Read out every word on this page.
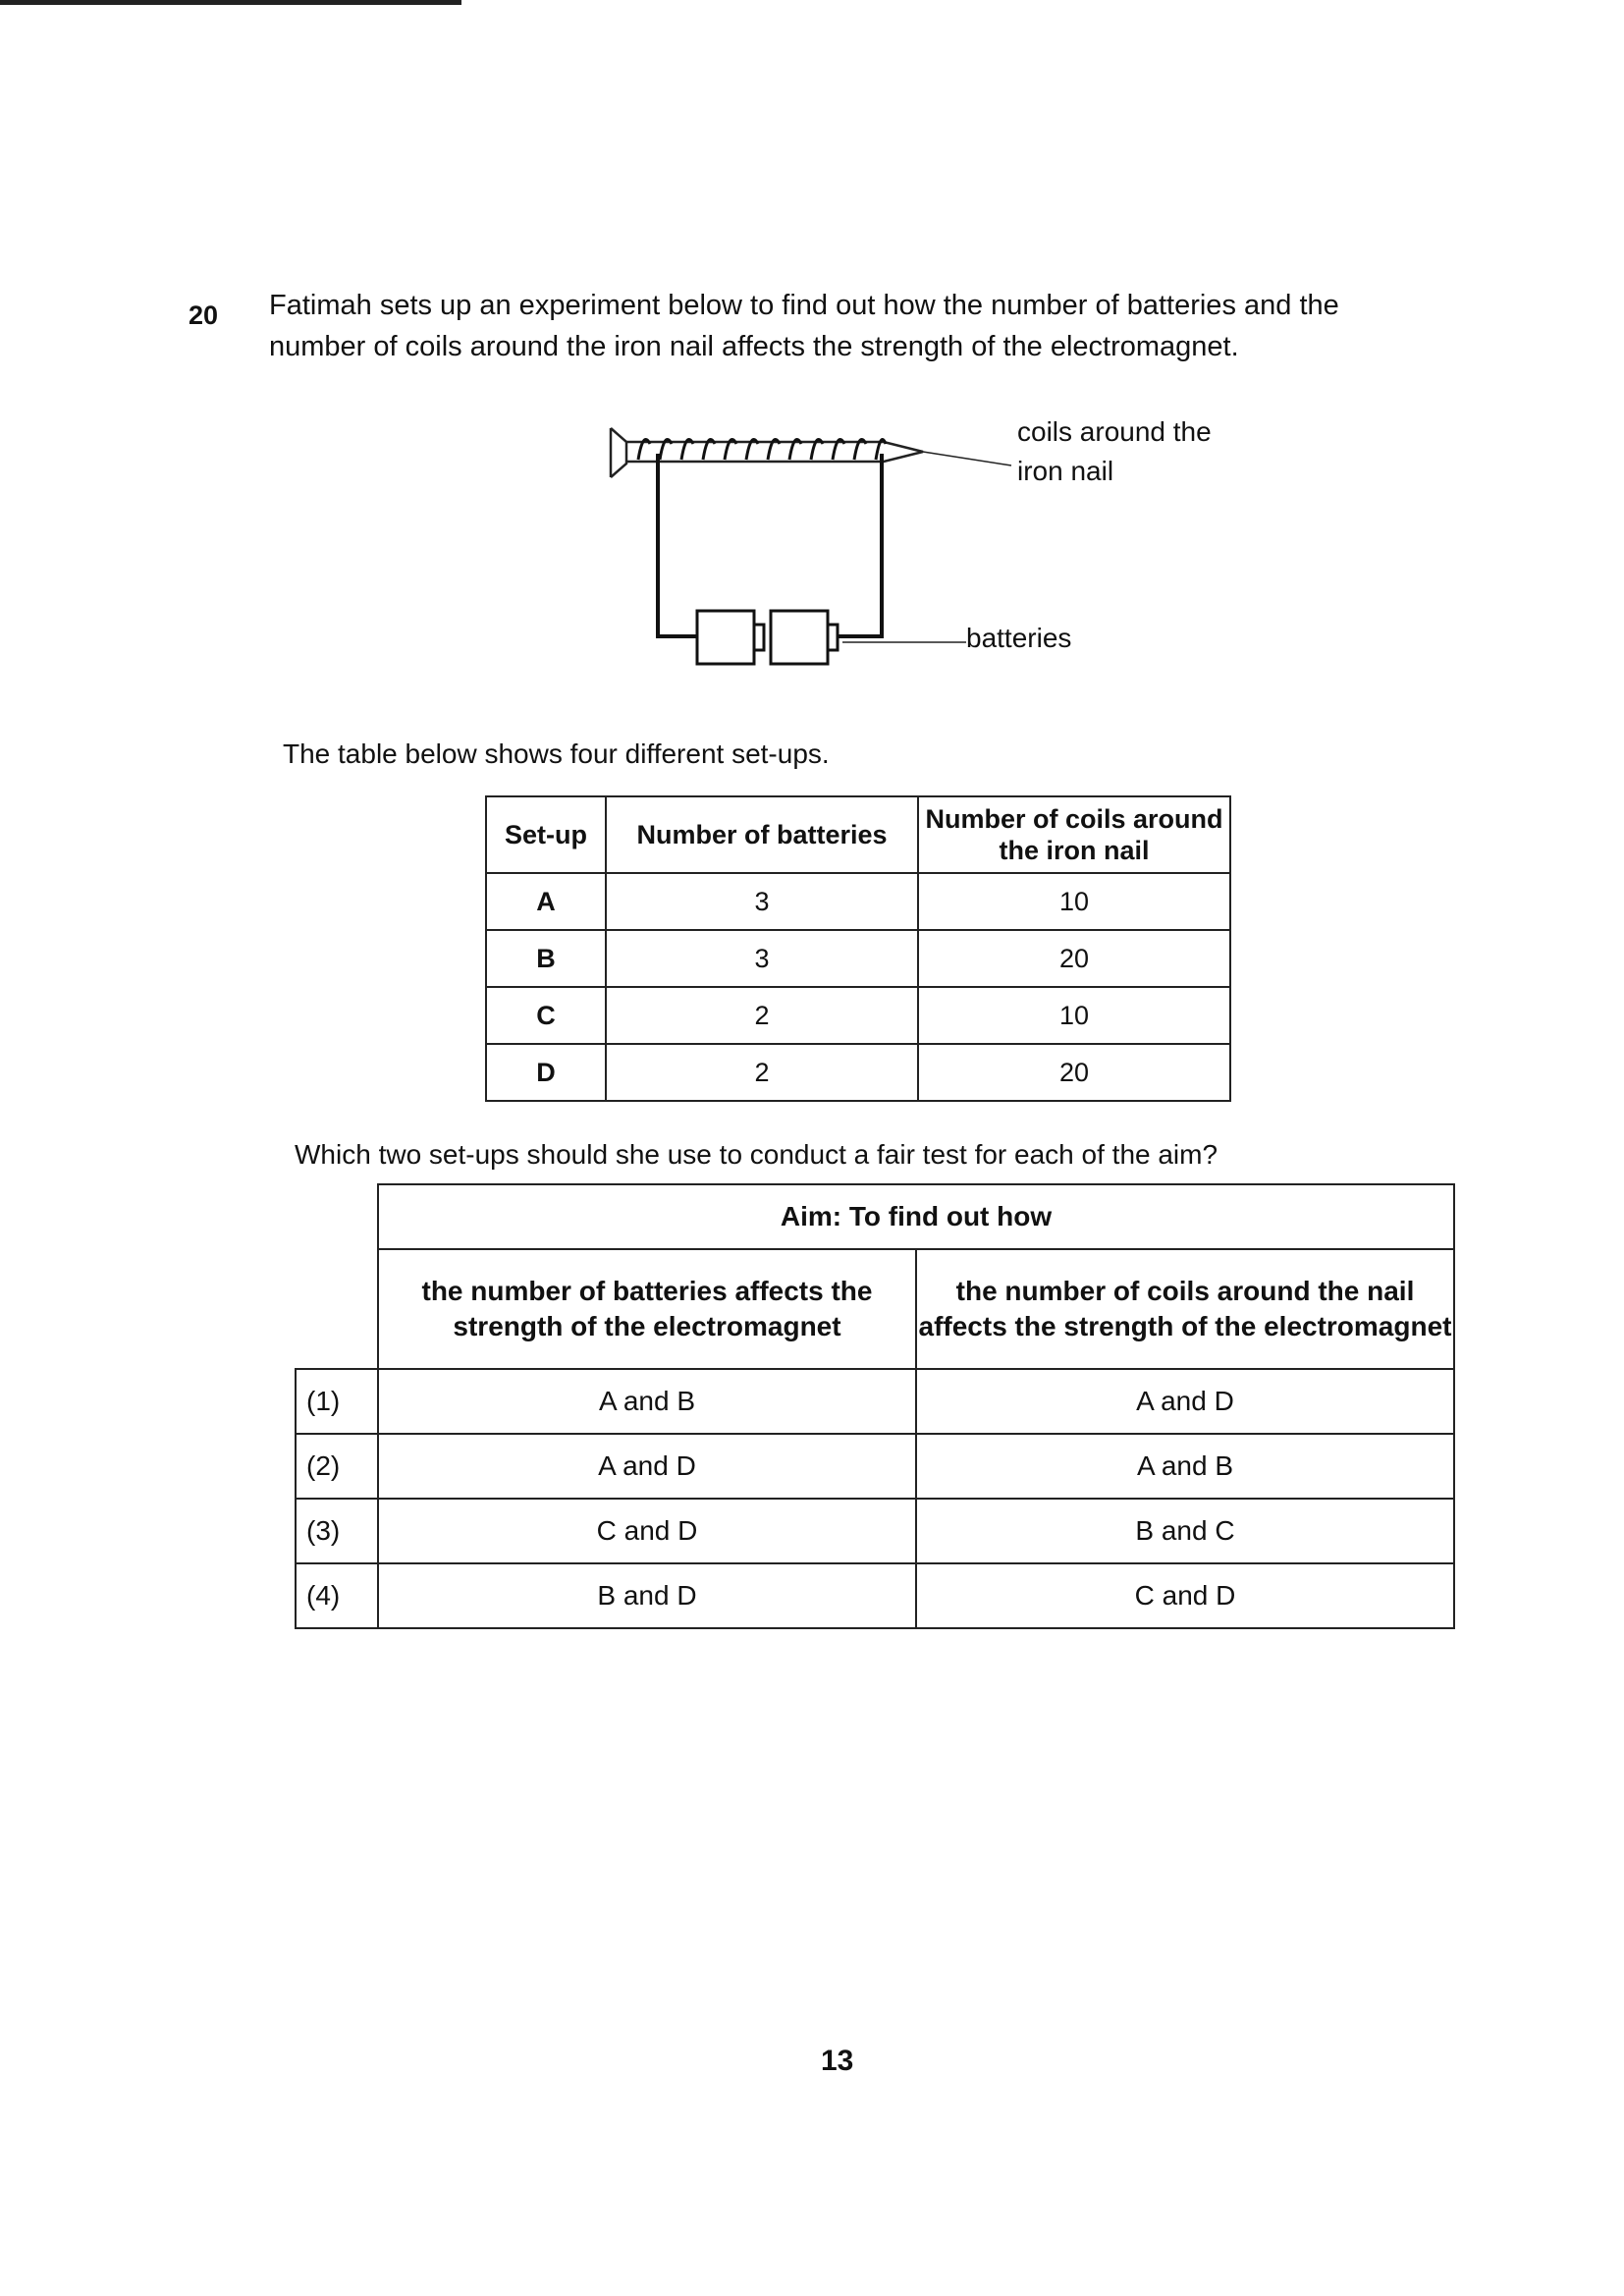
20 Fatimah sets up an experiment below to find out how the number of batteries and the number of coils around the iron nail affects the strength of the electromagnet.
coils around the iron nail
batteries
The table below shows four different set-ups.
Set-up	Number of batteries	Number of coils around the iron nail
A	3	10
B	3	20
C	2	10
D	2	20
Which two set-ups should she use to conduct a fair test for each of the aim?
	Aim: To find out how	
	the number of batteries affects the strength of the electromagnet	the number of coils around the nail affects the strength of the electromagnet
(1)	A and B	A and D
(2)	A and D	A and B
(3)	C and D	B and C
(4)	B and D	C and D
13
